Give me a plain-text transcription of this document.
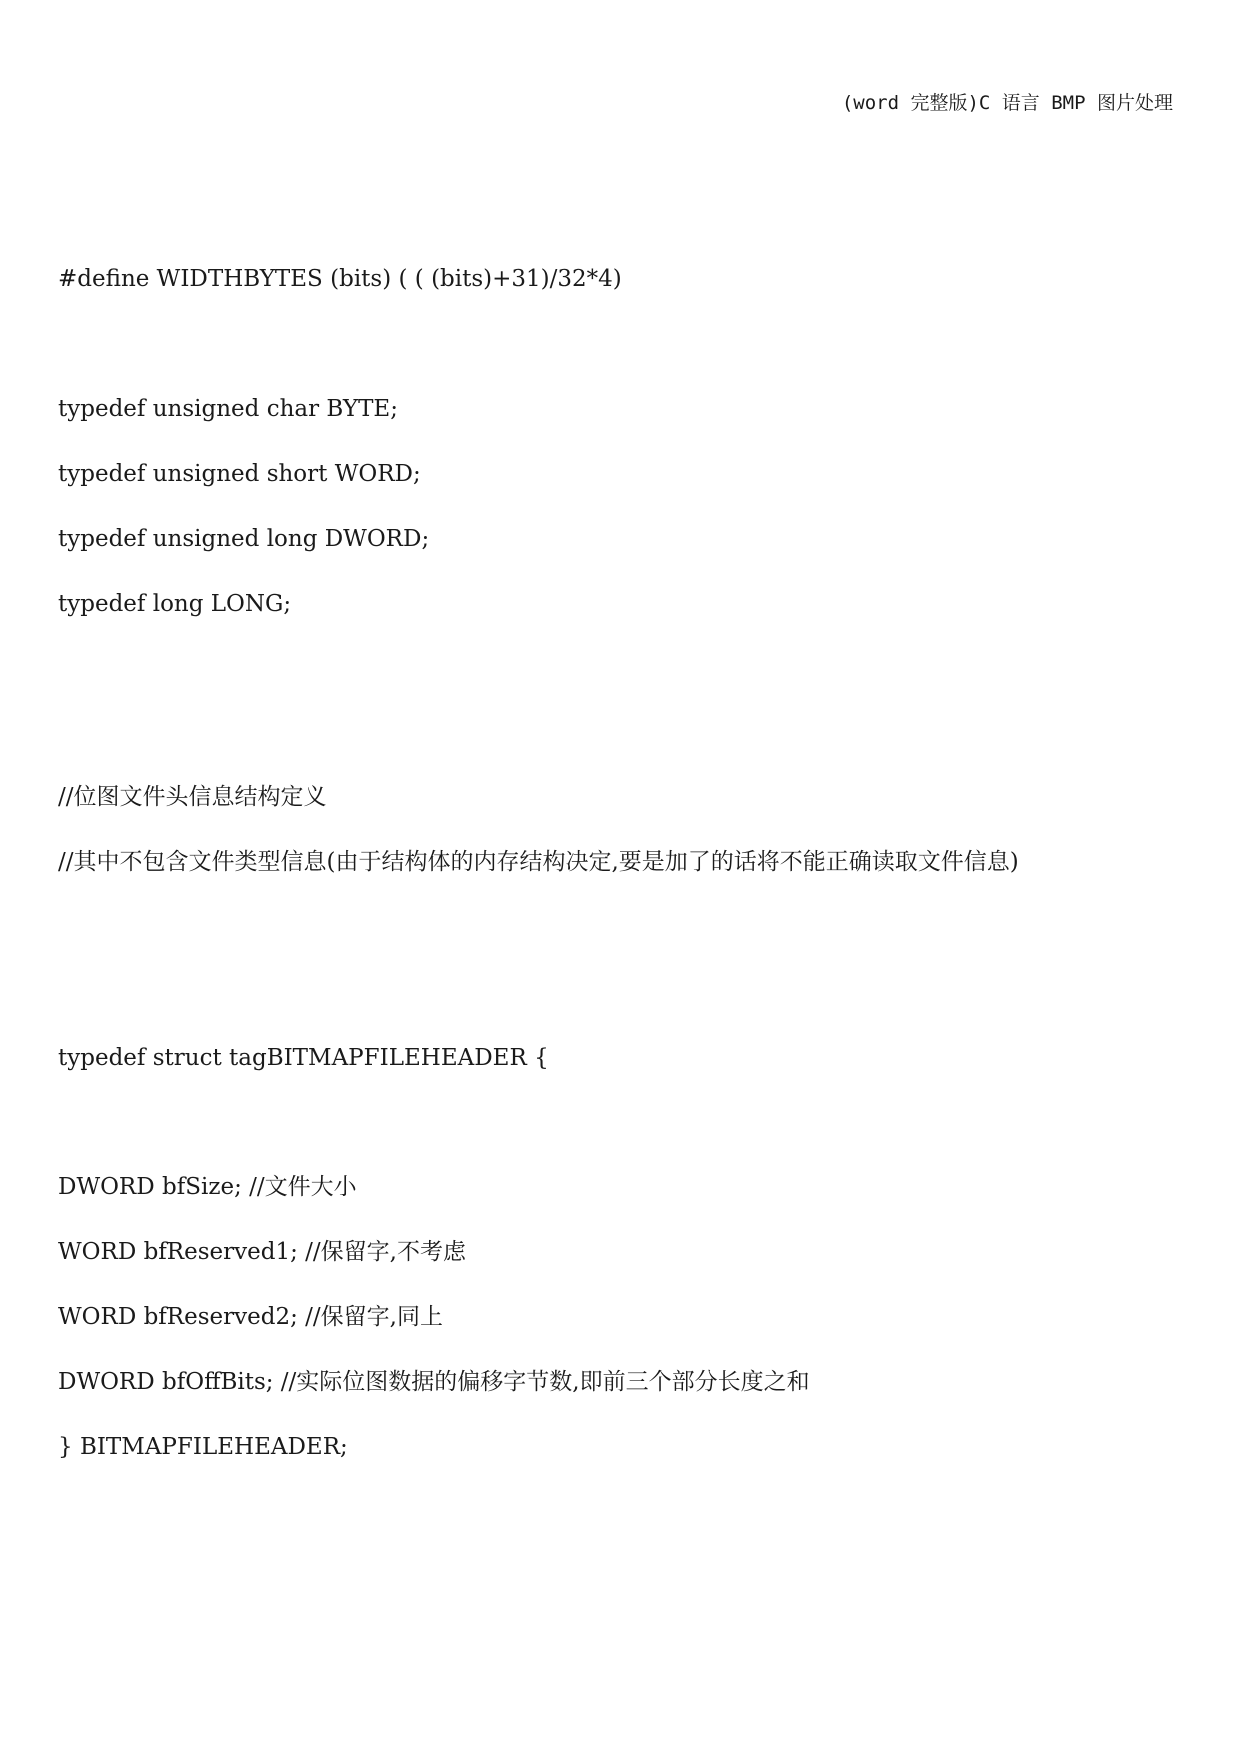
(word 完整版)C 语言 BMP 图片处理
#define WIDTHBYTES (bits) ( ( (bits)+31)/32*4)
typedef unsigned char BYTE;
typedef unsigned short WORD;
typedef unsigned long DWORD;
typedef long LONG;
//位图文件头信息结构定义
//其中不包含文件类型信息(由于结构体的内存结构决定,要是加了的话将不能正确读取文件信息)
typedef struct tagBITMAPFILEHEADER {
DWORD bfSize; //文件大小
WORD bfReserved1; //保留字,不考虑
WORD bfReserved2; //保留字,同上
DWORD bfOffBits; //实际位图数据的偏移字节数,即前三个部分长度之和
} BITMAPFILEHEADER;
